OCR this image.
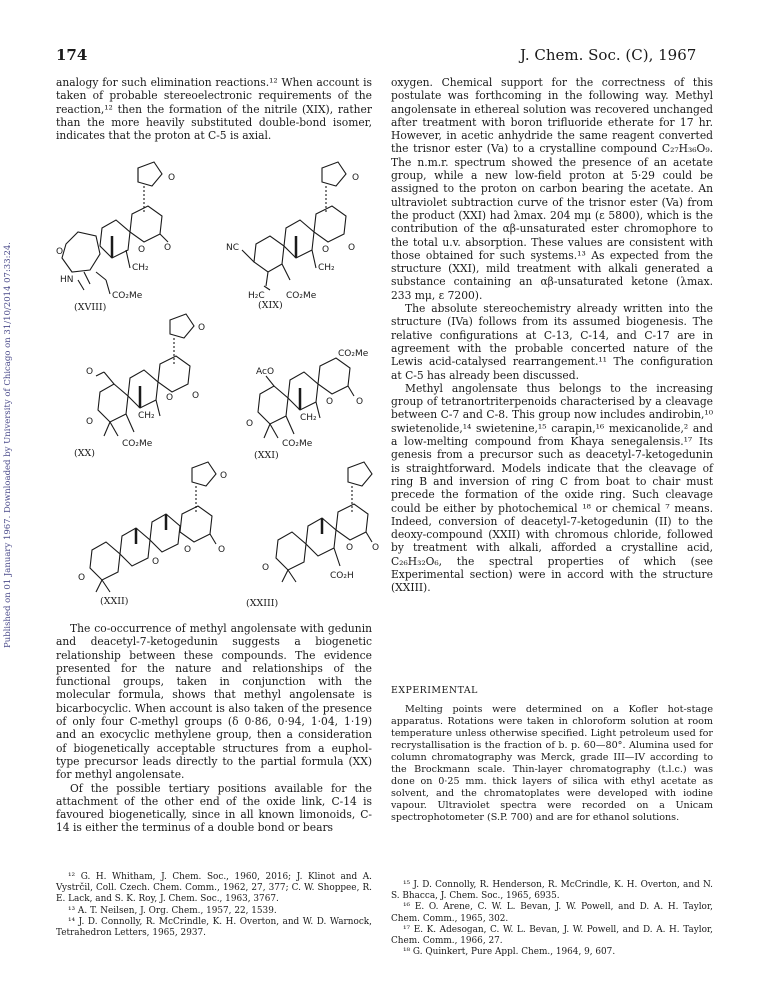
174	J. Chem. Soc. (C), 1967
Published on 01 January 1967. Downloaded by University of Chicago on 31/10/2014 07:33:24.

analogy for such elimination reactions.¹² When account is taken of probable stereoelectronic requirements of the reaction,¹² then the formation of the nitrile (XIX), rather than the more heavily substituted double-bond isomer, indicates that the proton at C-5 is axial.

O
O
O
O
CH₂
HN
CO₂Me
O
O
O
NC
CH₂
H₂C CO₂Me
O
O
O
O
CH₂
O
CO₂Me
CO₂Me
AcO
O
O
CH₂
O
CO₂Me
O
O
O
O
O
O
O
O
CO₂H
(XVIII)	(XIX)
(XX)	(XXI)
(XXII)	(XXIII)

The co-occurrence of methyl angolensate with gedunin and deacetyl-7-ketogedunin suggests a biogenetic relationship between these compounds. The evidence presented for the nature and relationships of the functional groups, taken in conjunction with the molecular formula, shows that methyl angolensate is bicarbocyclic. When account is also taken of the presence of only four C-methyl groups (δ 0·86, 0·94, 1·04, 1·19) and an exocyclic methylene group, then a consideration of biogenetically acceptable structures from a euphol-type precursor leads directly to the partial formula (XX) for methyl angolensate.

Of the possible tertiary positions available for the attachment of the other end of the oxide link, C-14 is favoured biogenetically, since in all known limonoids, C-14 is either the terminus of a double bond or bears

¹² G. H. Whitham, J. Chem. Soc., 1960, 2016; J. Klinot and A. Vystrčil, Coll. Czech. Chem. Comm., 1962, 27, 377; C. W. Shoppee, R. E. Lack, and S. K. Roy, J. Chem. Soc., 1963, 3767.

¹³ A. T. Neilsen, J. Org. Chem., 1957, 22, 1539.

¹⁴ J. D. Connolly, R. McCrindle, K. H. Overton, and W. D. Warnock, Tetrahedron Letters, 1965, 2937.

oxygen. Chemical support for the correctness of this postulate was forthcoming in the following way. Methyl angolensate in ethereal solution was recovered unchanged after treatment with boron trifluoride etherate for 17 hr. However, in acetic anhydride the same reagent converted the trisnor ester (Va) to a crystalline compound C₂₇H₃₆O₉. The n.m.r. spectrum showed the presence of an acetate group, while a new low-field proton at 5·29 could be assigned to the proton on carbon bearing the acetate. An ultraviolet subtraction curve of the trisnor ester (Va) from the product (XXI) had λmax. 204 mμ (ε 5800), which is the contribution of the αβ-unsaturated ester chromophore to the total u.v. absorption. These values are consistent with those obtained for such systems.¹³ As expected from the structure (XXI), mild treatment with alkali generated a substance containing an αβ-unsaturated ketone (λmax. 233 mμ, ε 7200).

The absolute stereochemistry already written into the structure (IVa) follows from its assumed biogenesis. The relative configurations at C-13, C-14, and C-17 are in agreement with the probable concerted nature of the Lewis acid-catalysed rearrangement.¹¹ The configuration at C-5 has already been discussed.

Methyl angolensate thus belongs to the increasing group of tetranortriterpenoids characterised by a cleavage between C-7 and C-8. This group now includes andirobin,¹⁰ swietenolide,¹⁴ swietenine,¹⁵ carapin,¹⁶ mexicanolide,² and a low-melting compound from Khaya senegalensis.¹⁷ Its genesis from a precursor such as deacetyl-7-ketogedunin is straightforward. Models indicate that the cleavage of ring B and inversion of ring C from boat to chair must precede the formation of the oxide ring. Such cleavage could be either by photochemical ¹⁸ or chemical ⁷ means. Indeed, conversion of deacetyl-7-ketogedunin (II) to the deoxy-compound (XXII) with chromous chloride, followed by treatment with alkali, afforded a crystalline acid, C₂₆H₃₂O₆, the spectral properties of which (see Experimental section) were in accord with the structure (XXIII).

EXPERIMENTAL

Melting points were determined on a Kofler hot-stage apparatus. Rotations were taken in chloroform solution at room temperature unless otherwise specified. Light petroleum used for recrystallisation is the fraction of b. p. 60—80°. Alumina used for column chromatography was Merck, grade III—IV according to the Brockmann scale. Thin-layer chromatography (t.l.c.) was done on 0·25 mm. thick layers of silica with ethyl acetate as solvent, and the chromatoplates were developed with iodine vapour. Ultraviolet spectra were recorded on a Unicam spectrophotometer (S.P. 700) and are for ethanol solutions.

¹⁵ J. D. Connolly, R. Henderson, R. McCrindle, K. H. Overton, and N. S. Bhacca, J. Chem. Soc., 1965, 6935.

¹⁶ E. O. Arene, C. W. L. Bevan, J. W. Powell, and D. A. H. Taylor, Chem. Comm., 1965, 302.

¹⁷ E. K. Adesogan, C. W. L. Bevan, J. W. Powell, and D. A. H. Taylor, Chem. Comm., 1966, 27.

¹⁸ G. Quinkert, Pure Appl. Chem., 1964, 9, 607.
